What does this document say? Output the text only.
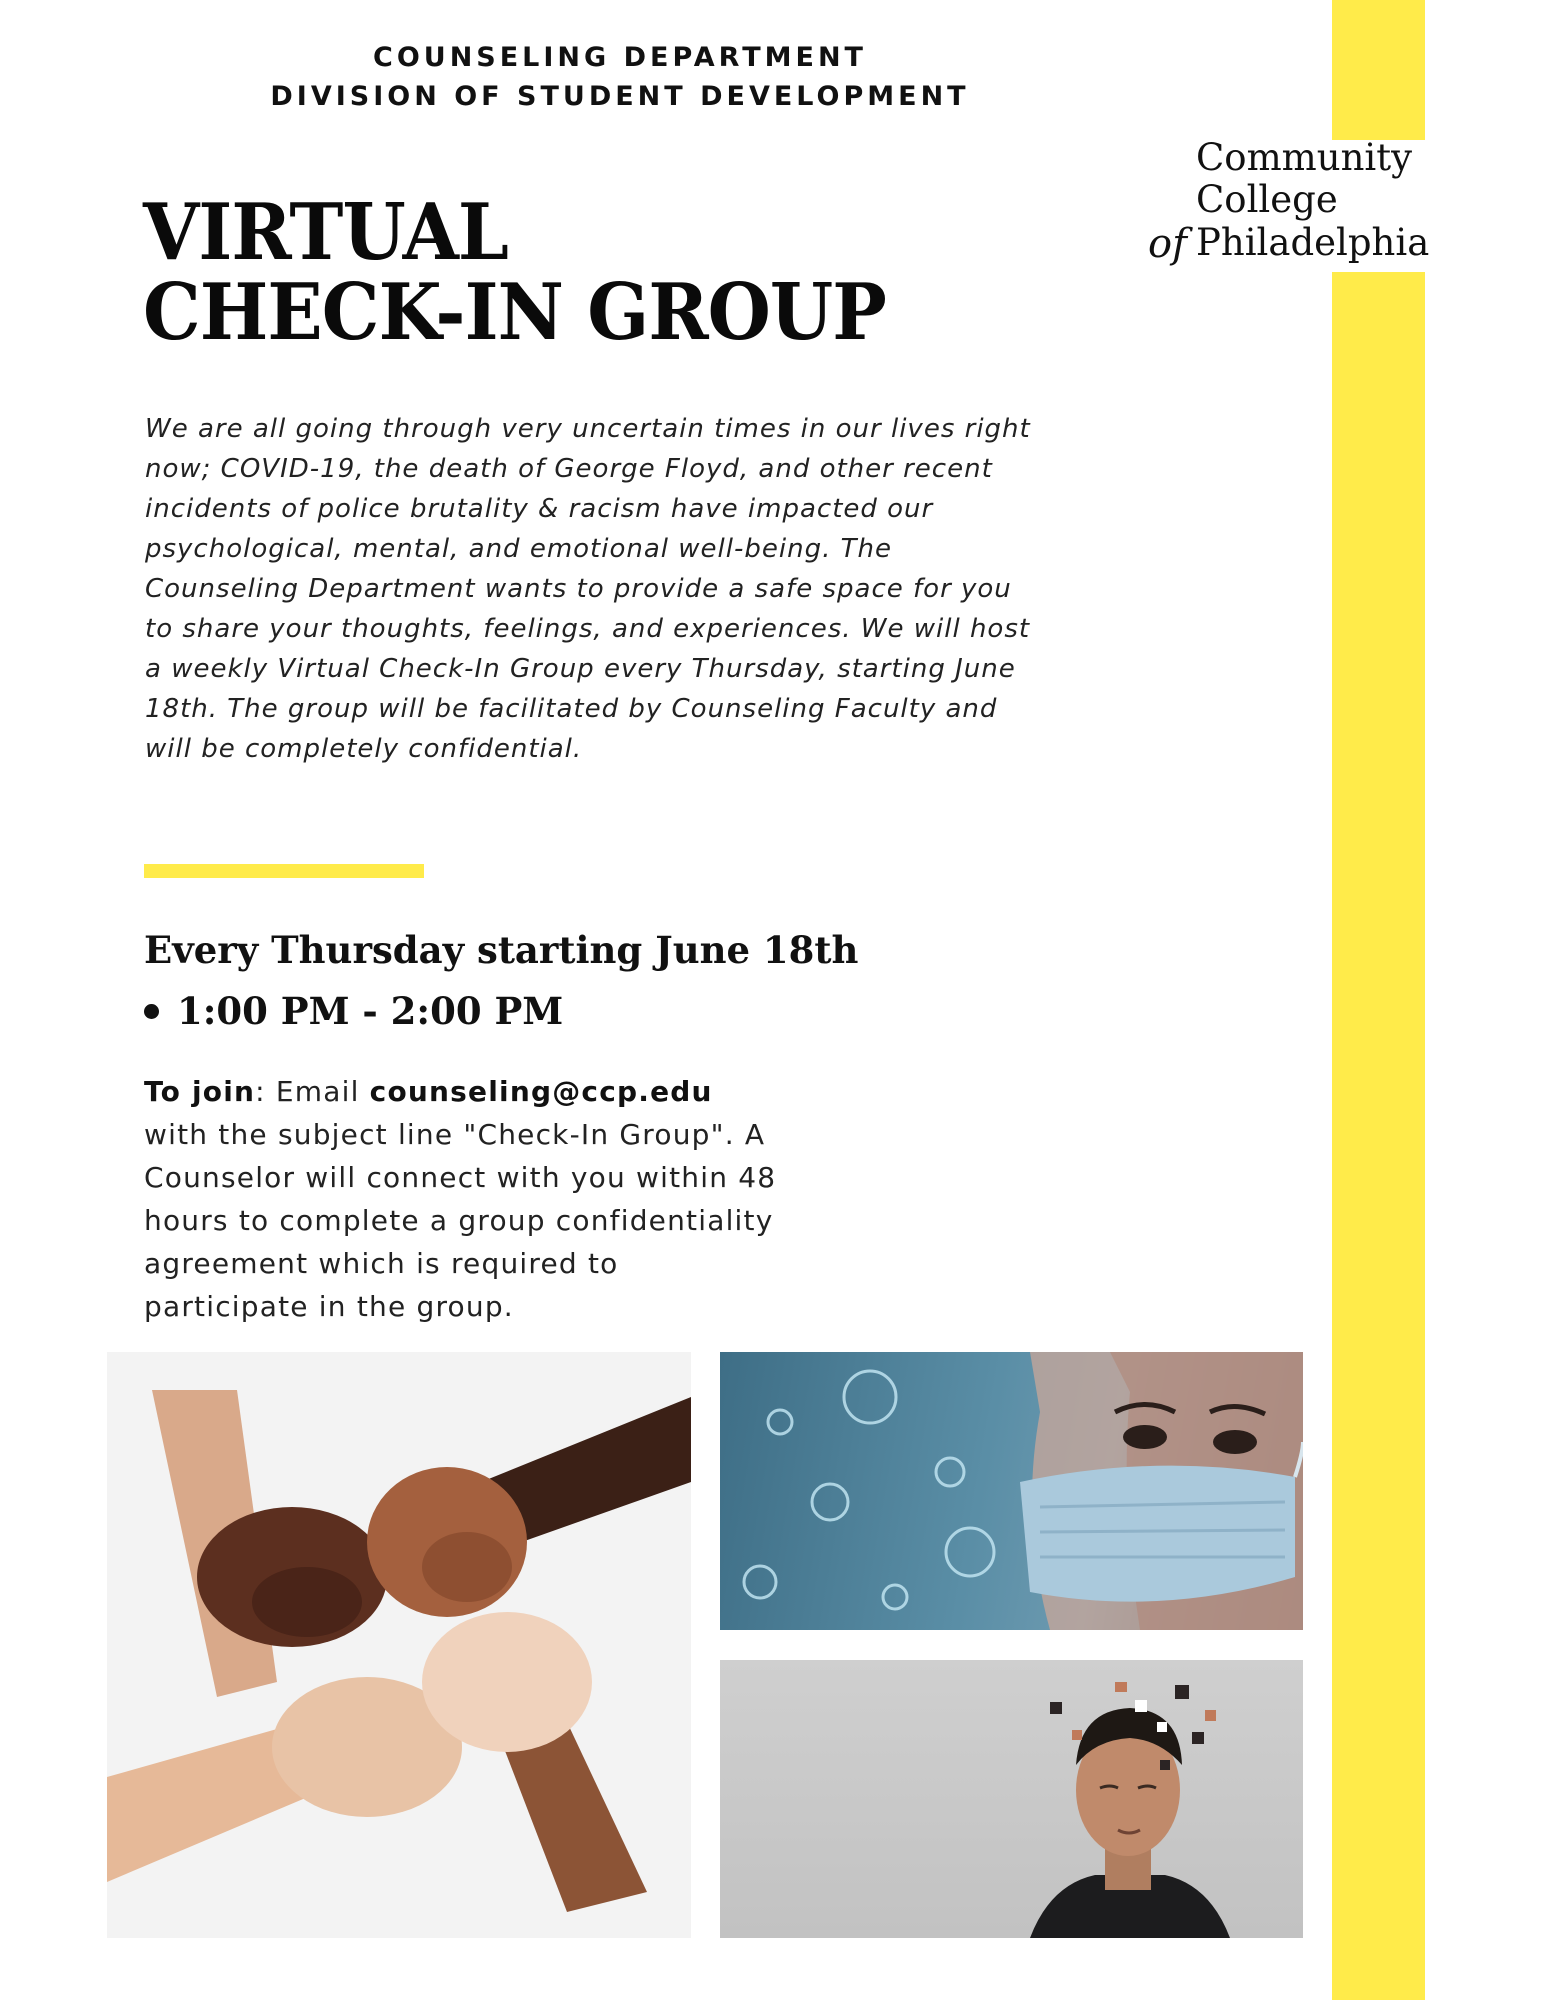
Community
College
of Philadelphia
COUNSELING DEPARTMENT
DIVISION OF STUDENT DEVELOPMENT
VIRTUAL
CHECK-IN GROUP

We are all going through very uncertain times in our lives right now; COVID-19, the death of George Floyd, and other recent incidents of police brutality & racism have impacted our psychological, mental, and emotional well-being. The Counseling Department wants to provide a safe space for you to share your thoughts, feelings, and experiences. We will host a weekly Virtual Check-In Group every Thursday, starting June 18th. The group will be facilitated by Counseling Faculty and will be completely confidential.

Every Thursday starting June 18th
1:00 PM - 2:00 PM

To join: Email counseling@ccp.edu with the subject line "Check-In Group". A Counselor will connect with you within 48 hours to complete a group confidentiality agreement which is required to participate in the group.
